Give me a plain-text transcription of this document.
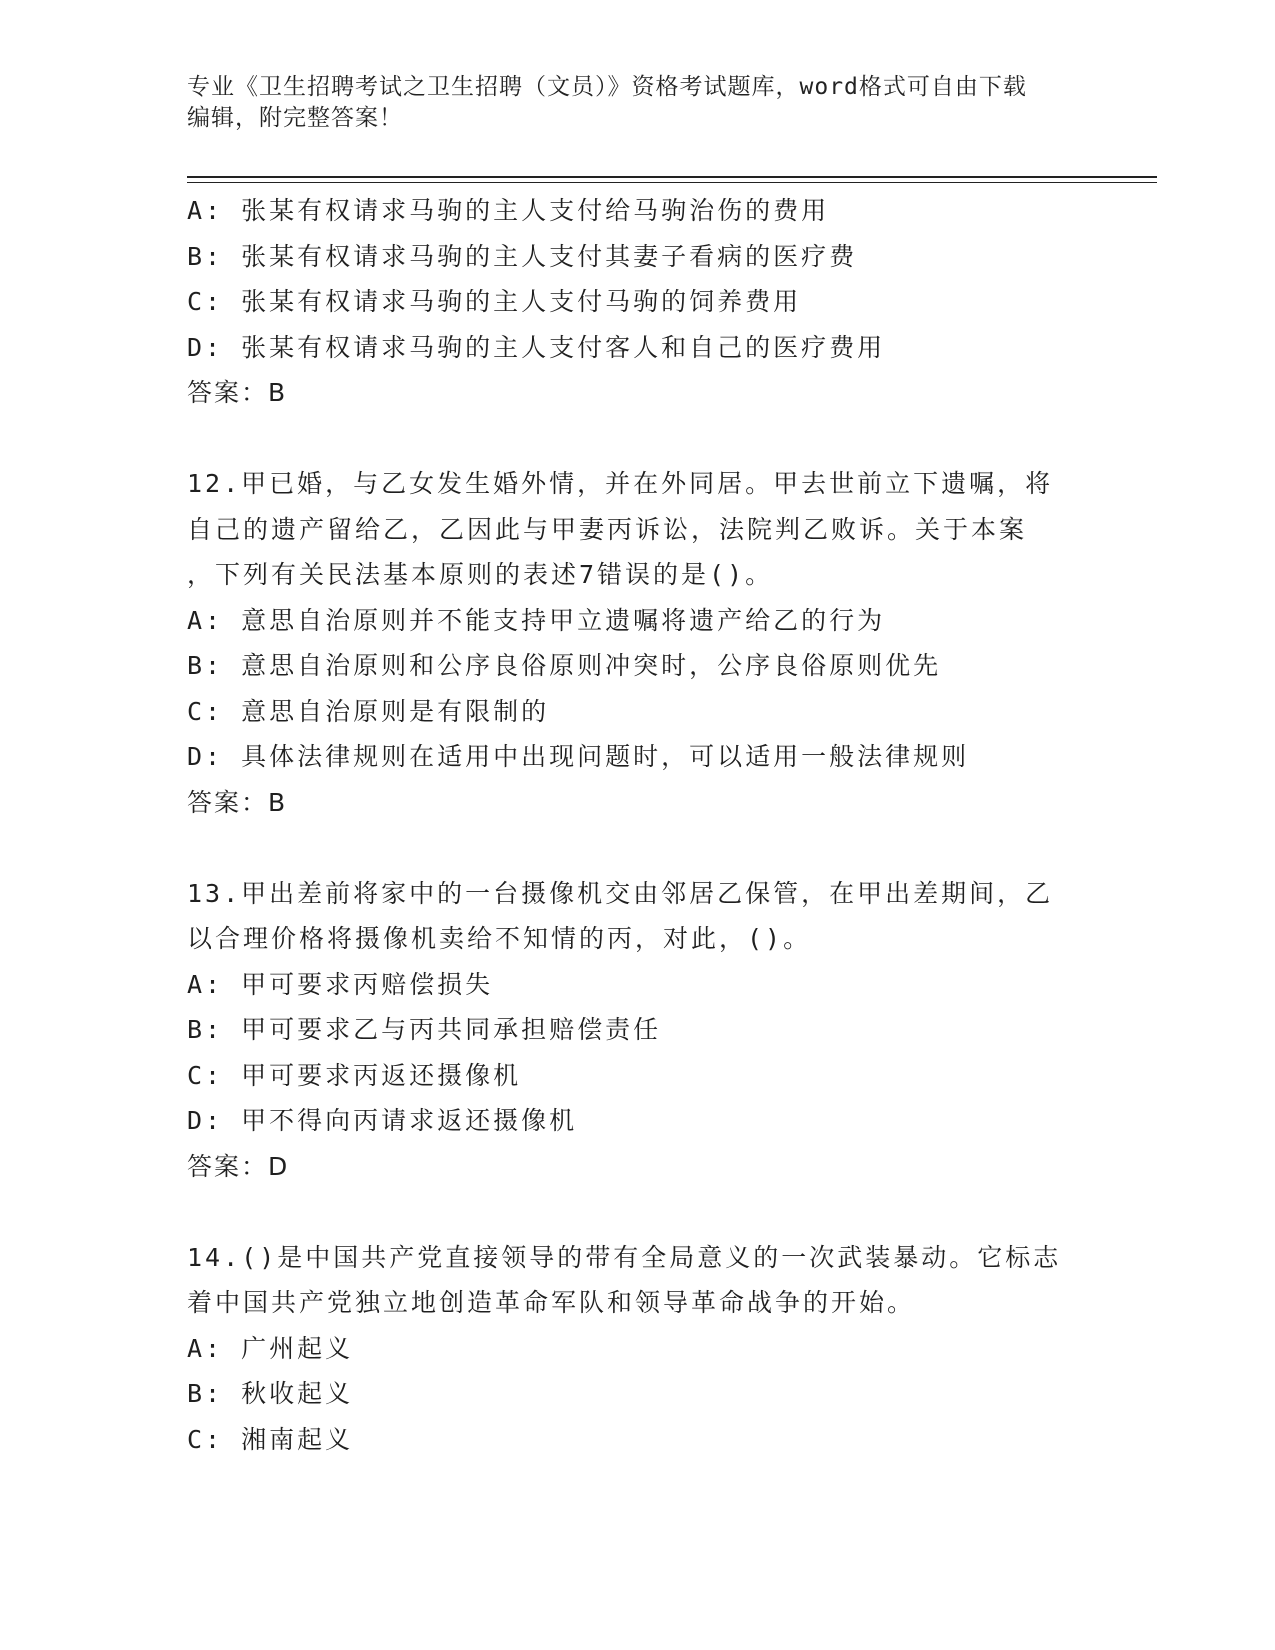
专业《卫生招聘考试之卫生招聘（文员）》资格考试题库，word格式可自由下载
编辑，附完整答案！
A: 张某有权请求马驹的主人支付给马驹治伤的费用
B: 张某有权请求马驹的主人支付其妻子看病的医疗费
C: 张某有权请求马驹的主人支付马驹的饲养费用
D: 张某有权请求马驹的主人支付客人和自己的医疗费用
答案：B
12.甲已婚，与乙女发生婚外情，并在外同居。甲去世前立下遗嘱，将
自己的遗产留给乙，乙因此与甲妻丙诉讼，法院判乙败诉。关于本案
，下列有关民法基本原则的表述7错误的是()。
A: 意思自治原则并不能支持甲立遗嘱将遗产给乙的行为
B: 意思自治原则和公序良俗原则冲突时，公序良俗原则优先
C: 意思自治原则是有限制的
D: 具体法律规则在适用中出现问题时，可以适用一般法律规则
答案：B
13.甲出差前将家中的一台摄像机交由邻居乙保管，在甲出差期间，乙
以合理价格将摄像机卖给不知情的丙，对此，()。
A: 甲可要求丙赔偿损失
B: 甲可要求乙与丙共同承担赔偿责任
C: 甲可要求丙返还摄像机
D: 甲不得向丙请求返还摄像机
答案：D
14.()是中国共产党直接领导的带有全局意义的一次武装暴动。它标志
着中国共产党独立地创造革命军队和领导革命战争的开始。
A: 广州起义
B: 秋收起义
C: 湘南起义
